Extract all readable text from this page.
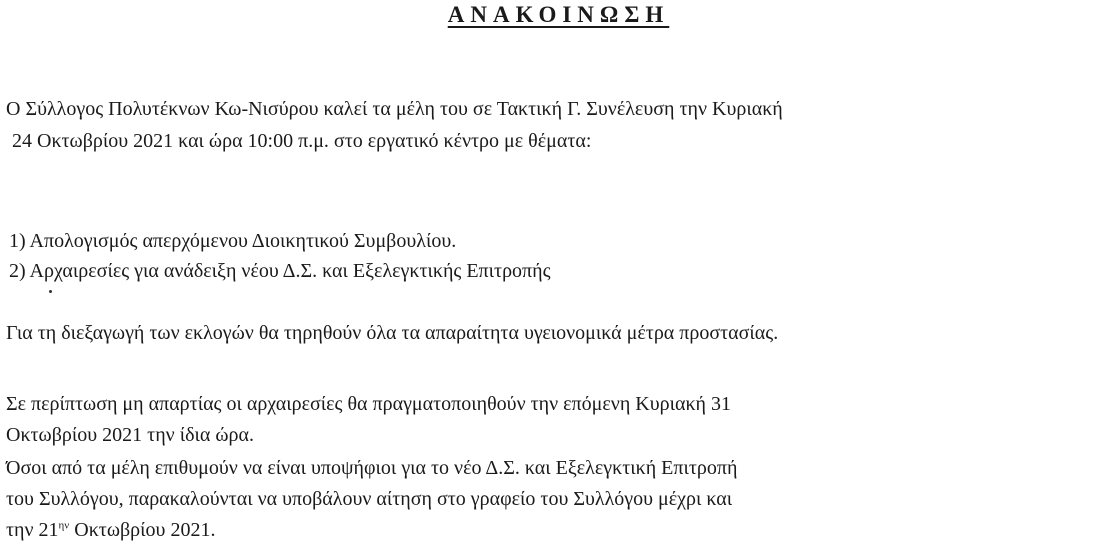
ΑΝΑΚΟΙΝΩΣΗ
Ο Σύλλογος Πολυτέκνων Κω-Νισύρου καλεί τα μέλη του σε Τακτική Γ. Συνέλευση την Κυριακή
24 Οκτωβρίου 2021 και ώρα 10:00 π.μ. στο εργατικό κέντρο με θέματα:
1) Απολογισμός απερχόμενου Διοικητικού Συμβουλίου.
2) Αρχαιρεσίες για ανάδειξη νέου Δ.Σ. και Εξελεγκτικής Επιτροπής
Για τη διεξαγωγή των εκλογών θα τηρηθούν όλα τα απαραίτητα υγειονομικά μέτρα προστασίας.
Σε περίπτωση μη απαρτίας οι αρχαιρεσίες θα πραγματοποιηθούν την επόμενη Κυριακή 31
Οκτωβρίου 2021 την ίδια ώρα.
Όσοι από τα μέλη επιθυμούν να είναι υποψήφιοι για το νέο Δ.Σ. και Εξελεγκτική Επιτροπή
του Συλλόγου, παρακαλούνται να υποβάλουν αίτηση στο γραφείο του Συλλόγου μέχρι και
την $21^{\eta\nu}$ Οκτωβρίου 2021.
